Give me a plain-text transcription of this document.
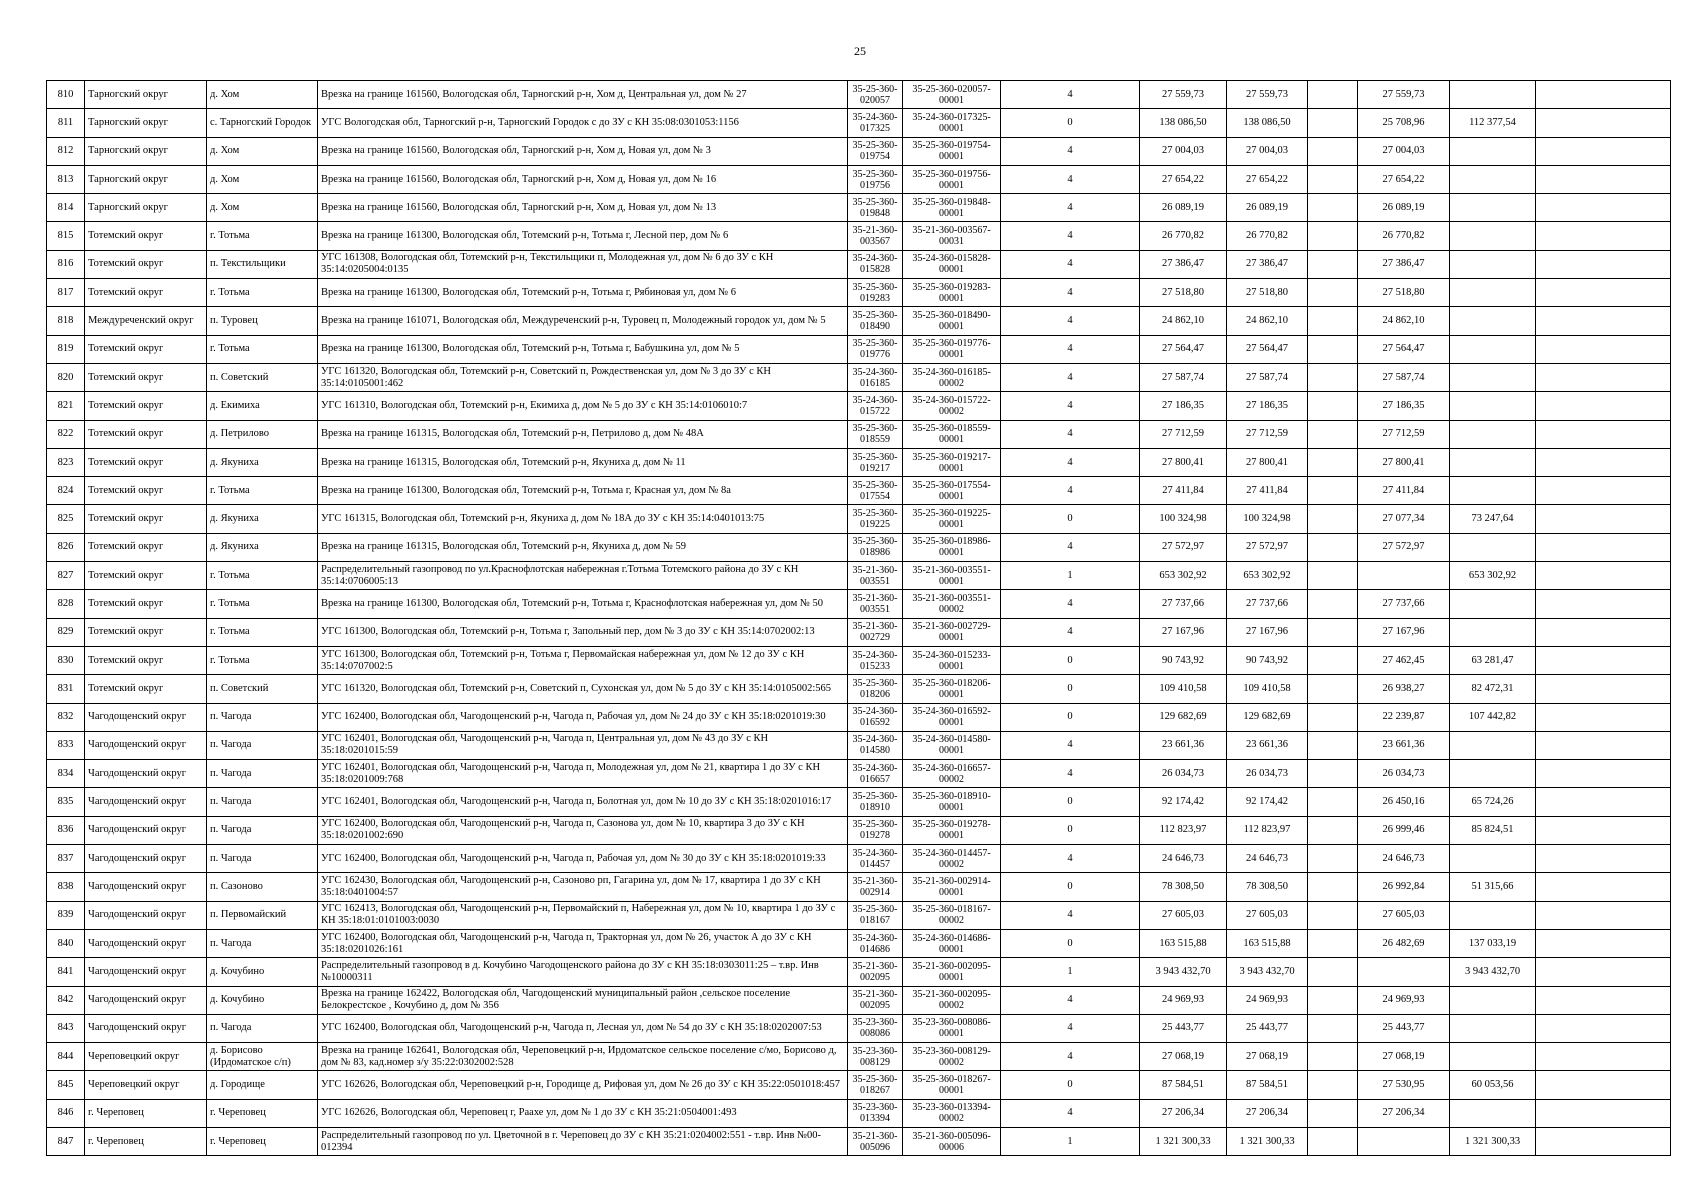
25
810	Тарногский округ	д. Хом	Врезка на границе 161560, Вологодская обл, Тарногский р-н, Хом д, Центральная ул, дом № 27	35-25-360-020057	35-25-360-020057-00001	4	27 559,73	27 559,73		27 559,73		
811	Тарногский округ	с. Тарногский Городок	УГС Вологодская обл, Тарногский р-н, Тарногский Городок с до ЗУ с КН 35:08:0301053:1156	35-24-360-017325	35-24-360-017325-00001	0	138 086,50	138 086,50		25 708,96	112 377,54	
812	Тарногский округ	д. Хом	Врезка на границе 161560, Вологодская обл, Тарногский р-н, Хом д, Новая ул, дом № 3	35-25-360-019754	35-25-360-019754-00001	4	27 004,03	27 004,03		27 004,03		
813	Тарногский округ	д. Хом	Врезка на границе 161560, Вологодская обл, Тарногский р-н, Хом д, Новая ул, дом № 16	35-25-360-019756	35-25-360-019756-00001	4	27 654,22	27 654,22		27 654,22		
814	Тарногский округ	д. Хом	Врезка на границе 161560, Вологодская обл, Тарногский р-н, Хом д, Новая ул, дом № 13	35-25-360-019848	35-25-360-019848-00001	4	26 089,19	26 089,19		26 089,19		
815	Тотемский округ	г. Тотьма	Врезка на границе 161300, Вологодская обл, Тотемский р-н, Тотьма г, Лесной пер, дом № 6	35-21-360-003567	35-21-360-003567-00031	4	26 770,82	26 770,82		26 770,82		
816	Тотемский округ	п. Текстильщики	УГС 161308, Вологодская обл, Тотемский р-н, Текстильщики п, Молодежная ул, дом № 6 до ЗУ с КН 35:14:0205004:0135	35-24-360-015828	35-24-360-015828-00001	4	27 386,47	27 386,47		27 386,47		
817	Тотемский округ	г. Тотьма	Врезка на границе 161300, Вологодская обл, Тотемский р-н, Тотьма г, Рябиновая ул, дом № 6	35-25-360-019283	35-25-360-019283-00001	4	27 518,80	27 518,80		27 518,80		
818	Междуреченский округ	п. Туровец	Врезка на границе 161071, Вологодская обл, Междуреченский р-н, Туровец п, Молодежный городок ул, дом № 5	35-25-360-018490	35-25-360-018490-00001	4	24 862,10	24 862,10		24 862,10		
819	Тотемский округ	г. Тотьма	Врезка на границе 161300, Вологодская обл, Тотемский р-н, Тотьма г, Бабушкина ул, дом № 5	35-25-360-019776	35-25-360-019776-00001	4	27 564,47	27 564,47		27 564,47		
820	Тотемский округ	п. Советский	УГС 161320, Вологодская обл, Тотемский р-н, Советский п, Рождественская ул, дом № 3 до ЗУ с КН 35:14:0105001:462	35-24-360-016185	35-24-360-016185-00002	4	27 587,74	27 587,74		27 587,74		
821	Тотемский округ	д. Екимиха	УГС 161310, Вологодская обл, Тотемский р-н, Екимиха д, дом № 5 до ЗУ с КН 35:14:0106010:7	35-24-360-015722	35-24-360-015722-00002	4	27 186,35	27 186,35		27 186,35		
822	Тотемский округ	д. Петрилово	Врезка на границе 161315, Вологодская обл, Тотемский р-н, Петрилово д, дом № 48А	35-25-360-018559	35-25-360-018559-00001	4	27 712,59	27 712,59		27 712,59		
823	Тотемский округ	д. Якуниха	Врезка на границе 161315, Вологодская обл, Тотемский р-н, Якуниха д, дом № 11	35-25-360-019217	35-25-360-019217-00001	4	27 800,41	27 800,41		27 800,41		
824	Тотемский округ	г. Тотьма	Врезка на границе 161300, Вологодская обл, Тотемский р-н, Тотьма г, Красная ул, дом № 8а	35-25-360-017554	35-25-360-017554-00001	4	27 411,84	27 411,84		27 411,84		
825	Тотемский округ	д. Якуниха	УГС 161315, Вологодская обл, Тотемский р-н, Якуниха д, дом № 18А до ЗУ с КН 35:14:0401013:75	35-25-360-019225	35-25-360-019225-00001	0	100 324,98	100 324,98		27 077,34	73 247,64	
826	Тотемский округ	д. Якуниха	Врезка на границе 161315, Вологодская обл, Тотемский р-н, Якуниха д, дом № 59	35-25-360-018986	35-25-360-018986-00001	4	27 572,97	27 572,97		27 572,97		
827	Тотемский округ	г. Тотьма	Распределительный газопровод по ул.Краснофлотская набережная г.Тотьма Тотемского района до ЗУ с КН 35:14:0706005:13	35-21-360-003551	35-21-360-003551-00001	1	653 302,92	653 302,92			653 302,92	
828	Тотемский округ	г. Тотьма	Врезка на границе 161300, Вологодская обл, Тотемский р-н, Тотьма г, Краснофлотская набережная ул, дом № 50	35-21-360-003551	35-21-360-003551-00002	4	27 737,66	27 737,66		27 737,66		
829	Тотемский округ	г. Тотьма	УГС 161300, Вологодская обл, Тотемский р-н, Тотьма г, Запольный пер, дом № 3 до ЗУ с КН 35:14:0702002:13	35-21-360-002729	35-21-360-002729-00001	4	27 167,96	27 167,96		27 167,96		
830	Тотемский округ	г. Тотьма	УГС 161300, Вологодская обл, Тотемский р-н, Тотьма г, Первомайская набережная ул, дом № 12 до ЗУ с КН 35:14:0707002:5	35-24-360-015233	35-24-360-015233-00001	0	90 743,92	90 743,92		27 462,45	63 281,47	
831	Тотемский округ	п. Советский	УГС 161320, Вологодская обл, Тотемский р-н, Советский п, Сухонская ул, дом № 5 до ЗУ с КН 35:14:0105002:565	35-25-360-018206	35-25-360-018206-00001	0	109 410,58	109 410,58		26 938,27	82 472,31	
832	Чагодощенский округ	п. Чагода	УГС 162400, Вологодская обл, Чагодощенский р-н, Чагода п, Рабочая ул, дом № 24 до ЗУ с КН 35:18:0201019:30	35-24-360-016592	35-24-360-016592-00001	0	129 682,69	129 682,69		22 239,87	107 442,82	
833	Чагодощенский округ	п. Чагода	УГС 162401, Вологодская обл, Чагодощенский р-н, Чагода п, Центральная ул, дом № 43 до ЗУ с КН 35:18:0201015:59	35-24-360-014580	35-24-360-014580-00001	4	23 661,36	23 661,36		23 661,36		
834	Чагодощенский округ	п. Чагода	УГС 162401, Вологодская обл, Чагодощенский р-н, Чагода п, Молодежная ул, дом № 21, квартира 1 до ЗУ с КН 35:18:0201009:768	35-24-360-016657	35-24-360-016657-00002	4	26 034,73	26 034,73		26 034,73		
835	Чагодощенский округ	п. Чагода	УГС 162401, Вологодская обл, Чагодощенский р-н, Чагода п, Болотная ул, дом № 10 до ЗУ с КН 35:18:0201016:17	35-25-360-018910	35-25-360-018910-00001	0	92 174,42	92 174,42		26 450,16	65 724,26	
836	Чагодощенский округ	п. Чагода	УГС 162400, Вологодская обл, Чагодощенский р-н, Чагода п, Сазонова ул, дом № 10, квартира 3 до ЗУ с КН 35:18:0201002:690	35-25-360-019278	35-25-360-019278-00001	0	112 823,97	112 823,97		26 999,46	85 824,51	
837	Чагодощенский округ	п. Чагода	УГС 162400, Вологодская обл, Чагодощенский р-н, Чагода п, Рабочая ул, дом № 30 до ЗУ с КН 35:18:0201019:33	35-24-360-014457	35-24-360-014457-00002	4	24 646,73	24 646,73		24 646,73		
838	Чагодощенский округ	п. Сазоново	УГС 162430, Вологодская обл, Чагодощенский р-н, Сазоново рп, Гагарина ул, дом № 17, квартира 1 до ЗУ с КН 35:18:0401004:57	35-21-360-002914	35-21-360-002914-00001	0	78 308,50	78 308,50		26 992,84	51 315,66	
839	Чагодощенский округ	п. Первомайский	УГС 162413, Вологодская обл, Чагодощенский р-н, Первомайский п, Набережная ул, дом № 10, квартира 1 до ЗУ с КН 35:18:01:0101003:0030	35-25-360-018167	35-25-360-018167-00002	4	27 605,03	27 605,03		27 605,03		
840	Чагодощенский округ	п. Чагода	УГС 162400, Вологодская обл, Чагодощенский р-н, Чагода п, Тракторная ул, дом № 26, участок А до ЗУ с КН 35:18:0201026:161	35-24-360-014686	35-24-360-014686-00001	0	163 515,88	163 515,88		26 482,69	137 033,19	
841	Чагодощенский округ	д. Кочубино	Распределительный газопровод в д. Кочубино Чагодощенского района до ЗУ с КН 35:18:0303011:25 – т.вр. Инв №10000311	35-21-360-002095	35-21-360-002095-00001	1	3 943 432,70	3 943 432,70			3 943 432,70	
842	Чагодощенский округ	д. Кочубино	Врезка на границе 162422, Вологодская обл, Чагодощенский муниципальный район ,сельское поселение Белокрестское , Кочубино д, дом № 356	35-21-360-002095	35-21-360-002095-00002	4	24 969,93	24 969,93		24 969,93		
843	Чагодощенский округ	п. Чагода	УГС 162400, Вологодская обл, Чагодощенский р-н, Чагода п, Лесная ул, дом № 54 до ЗУ с КН 35:18:0202007:53	35-23-360-008086	35-23-360-008086-00001	4	25 443,77	25 443,77		25 443,77		
844	Череповецкий округ	д. Борисово (Ирдоматское с/п)	Врезка на границе 162641, Вологодская обл, Череповецкий р-н, Ирдоматское сельское поселение с/мо, Борисово д, дом № 83, кад.номер з/у 35:22:0302002:528	35-23-360-008129	35-23-360-008129-00002	4	27 068,19	27 068,19		27 068,19		
845	Череповецкий округ	д. Городище	УГС 162626, Вологодская обл, Череповецкий р-н, Городище д, Рифовая ул, дом № 26 до ЗУ с КН 35:22:0501018:457	35-25-360-018267	35-25-360-018267-00001	0	87 584,51	87 584,51		27 530,95	60 053,56	
846	г. Череповец	г. Череповец	УГС 162626, Вологодская обл, Череповец г, Раахе ул, дом № 1 до ЗУ с КН 35:21:0504001:493	35-23-360-013394	35-23-360-013394-00002	4	27 206,34	27 206,34		27 206,34		
847	г. Череповец	г. Череповец	Распределительный газопровод по ул. Цветочной в г. Череповец до ЗУ с КН 35:21:0204002:551 - т.вр. Инв №00-012394	35-21-360-005096	35-21-360-005096-00006	1	1 321 300,33	1 321 300,33			1 321 300,33	
